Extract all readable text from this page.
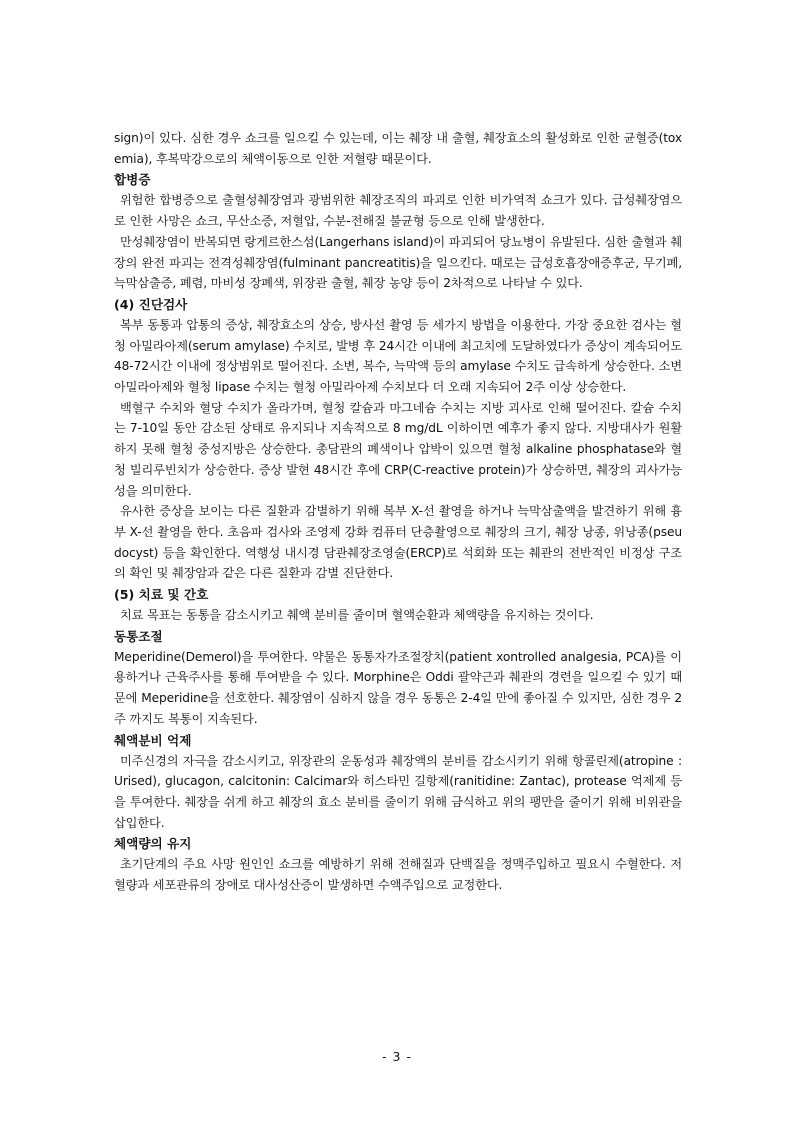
sign)이 있다. 심한 경우 쇼크를 일으킬 수 있는데, 이는 췌장 내 출혈, 췌장효소의 활성화로 인한 균혈증(toxemia), 후복막강으로의 체액이동으로 인한 저혈량 때문이다.

합병증

위험한 합병증으로 출혈성췌장염과 광범위한 췌장조직의 파괴로 인한 비가역적 쇼크가 있다. 급성췌장염으로 인한 사망은 쇼크, 무산소증, 저혈압, 수분-전해질 불균형 등으로 인해 발생한다.

만성췌장염이 반복되면 랑게르한스섬(Langerhans island)이 파괴되어 당뇨병이 유발된다. 심한 출혈과 췌장의 완전 파괴는 전격성췌장염(fulminant pancreatitis)을 일으킨다. 때로는 급성호흡장애증후군, 무기폐, 늑막삼출증, 폐렴, 마비성 장폐색, 위장관 출혈, 췌장 농양 등이 2차적으로 나타날 수 있다.

(4) 진단검사

복부 동통과 압통의 증상, 췌장효소의 상승, 방사선 촬영 등 세가지 방법을 이용한다. 가장 중요한 검사는 혈청 아밀라아제(serum amylase) 수치로, 발병 후 24시간 이내에 최고치에 도달하였다가 증상이 계속되어도 48-72시간 이내에 정상범위로 떨어진다. 소변, 복수, 늑막액 등의 amylase 수치도 급속하게 상승한다. 소변 아밀라아제와 혈청 lipase 수치는 혈청 아밀라아제 수치보다 더 오래 지속되어 2주 이상 상승한다.

백혈구 수치와 혈당 수치가 올라가며, 혈청 칼슘과 마그네슘 수치는 지방 괴사로 인해 떨어진다. 칼슘 수치는 7-10일 동안 감소된 상태로 유지되나 지속적으로 8 mg/dL 이하이면 예후가 좋지 않다. 지방대사가 원활하지 못해 혈청 중성지방은 상승한다. 총담관의 폐색이나 압박이 있으면 혈청 alkaline phosphatase와 혈청 빌리루빈치가 상승한다. 증상 발현 48시간 후에 CRP(C-reactive protein)가 상승하면, 췌장의 괴사가능성을 의미한다.

유사한 증상을 보이는 다른 질환과 감별하기 위해 복부 X-선 촬영을 하거나 늑막삼출액을 발견하기 위해 흉부 X-선 촬영을 한다. 초음파 검사와 조영제 강화 컴퓨터 단층촬영으로 췌장의 크기, 췌장 낭종, 위낭종(pseudocyst) 등을 확인한다. 역행성 내시경 담관췌장조영술(ERCP)로 석회화 또는 췌관의 전반적인 비정상 구조의 확인 및 췌장암과 같은 다른 질환과 감별 진단한다.

(5) 치료 및 간호

치료 목표는 동통을 감소시키고 췌액 분비를 줄이며 혈액순환과 체액량을 유지하는 것이다.

동통조절

Meperidine(Demerol)을 투여한다. 약물은 동통자가조절장치(patient xontrolled analgesia, PCA)를 이용하거나 근육주사를 통해 투여받을 수 있다. Morphine은 Oddi 괄약근과 췌관의 경련을 일으킬 수 있기 때문에 Meperidine을 선호한다. 췌장염이 심하지 않을 경우 동통은 2-4일 만에 좋아질 수 있지만, 심한 경우 2주 까지도 복통이 지속된다.

췌액분비 억제

미주신경의 자극을 감소시키고, 위장관의 운동성과 췌장액의 분비를 감소시키기 위해 항콜린제(atropine :Urised), glucagon, calcitonin: Calcimar와 히스타민 길항제(ranitidine: Zantac), protease 억제제 등을 투여한다. 췌장을 쉬게 하고 췌장의 효소 분비를 줄이기 위해 금식하고 위의 팽만을 줄이기 위해 비위관을 삽입한다.

체액량의 유지

초기단계의 주요 사망 원인인 쇼크를 예방하기 위해 전해질과 단백질을 정맥주입하고 필요시 수혈한다. 저혈량과 세포관류의 장애로 대사성산증이 발생하면 수액주입으로 교정한다.

- 3 -
